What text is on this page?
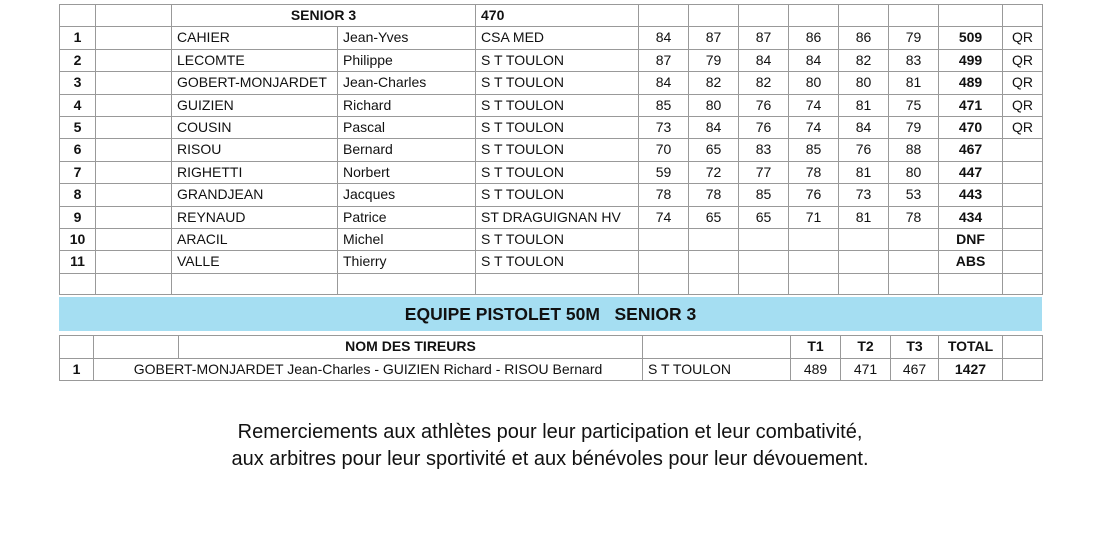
		SENIOR 3		470								
1		CAHIER	Jean-Yves	CSA MED	84	87	87	86	86	79	509	QR
2		LECOMTE	Philippe	S T TOULON	87	79	84	84	82	83	499	QR
3		GOBERT-MONJARDET	Jean-Charles	S T TOULON	84	82	82	80	80	81	489	QR
4		GUIZIEN	Richard	S T TOULON	85	80	76	74	81	75	471	QR
5		COUSIN	Pascal	S T TOULON	73	84	76	74	84	79	470	QR
6		RISOU	Bernard	S T TOULON	70	65	83	85	76	88	467	
7		RIGHETTI	Norbert	S T TOULON	59	72	77	78	81	80	447	
8		GRANDJEAN	Jacques	S T TOULON	78	78	85	76	73	53	443	
9		REYNAUD	Patrice	ST DRAGUIGNAN HV	74	65	65	71	81	78	434	
10		ARACIL	Michel	S T TOULON							DNF	
11		VALLE	Thierry	S T TOULON							ABS	

EQUIPE PISTOLET 50M   SENIOR 3
		NOM DES TIREURS		T1	T2	T3	TOTAL	
1	GOBERT-MONJARDET Jean-Charles - GUIZIEN Richard - RISOU Bernard		S T TOULON	489	471	467	1427	
Remerciements aux athlètes pour leur participation et leur combativité,
aux arbitres pour leur sportivité et aux bénévoles pour leur dévouement.
